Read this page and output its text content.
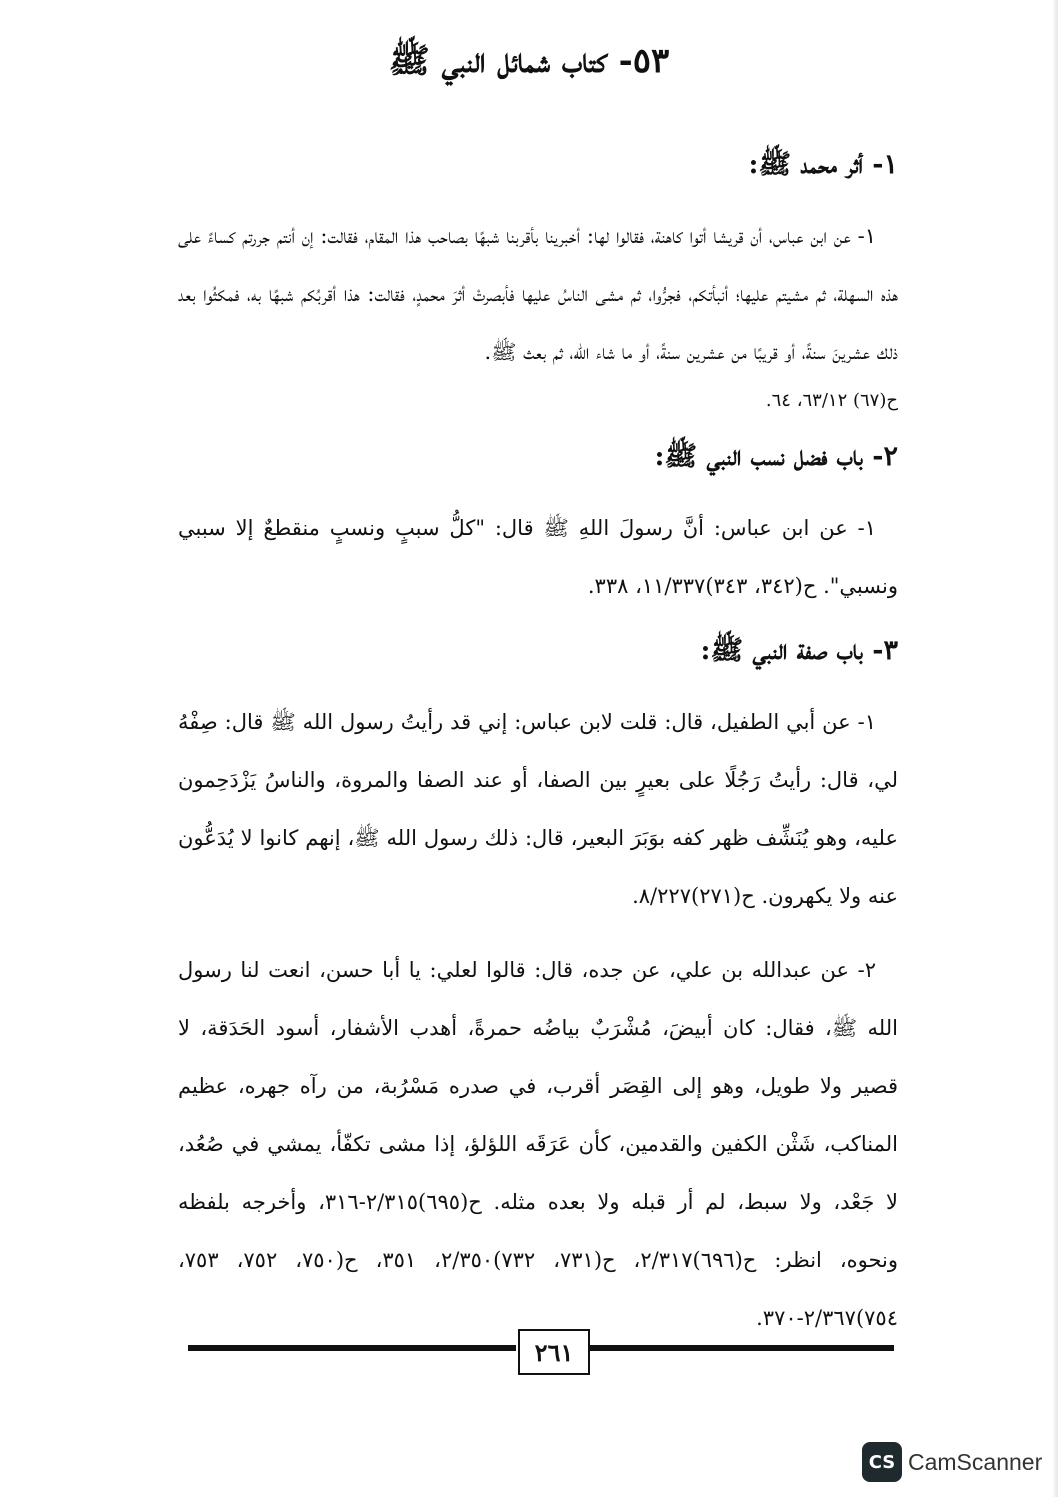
٥٣- كتاب شمائل النبي ﷺ
١- أثر محمد ﷺ:

١- عن ابن عباس، أن قريشا أتوا كاهنة، فقالوا لها: أخبرينا بأقربنا شبهًا بصاحب هذا المقام، فقالت: إن أنتم جررتم كساءً على هذه السهلة، ثم مشيتم عليها؛ أنبأتكم، فجرُّوا، ثم مشى الناسُ عليها فأبصرتْ أثرَ محمدٍ، فقالت: هذا أقربُكم شبهًا به، فمكثُوا بعد ذلك عشرينَ سنةً، أو قريبًا من عشرين سنةً، أو ما شاء الله، ثم بعث ﷺ.

ح(٦٧) ٦٣/١٢، ٦٤.

٢- باب فضل نسب النبي ﷺ:

١- عن ابن عباس: أنَّ رسولَ اللهِ ﷺ قال: "كلُّ سببٍ ونسبٍ منقطعٌ إلا سببي ونسبي". ح(٣٤٢، ٣٤٣)١١/٣٣٧، ٣٣٨.

٣- باب صفة النبي ﷺ:

١- عن أبي الطفيل، قال: قلت لابن عباس: إني قد رأيتُ رسول الله ﷺ قال: صِفْهُ لي، قال: رأيتُ رَجُلًا على بعيرٍ بين الصفا، أو عند الصفا والمروة، والناسُ يَزْدَحِمون عليه، وهو يُنَشِّف ظهر كفه بوَبَرَ البعير، قال: ذلك رسول الله ﷺ، إنهم كانوا لا يُدَعُّون عنه ولا يكهرون. ح(٢٧١)٨/٢٢٧.

٢- عن عبدالله بن علي، عن جده، قال: قالوا لعلي: يا أبا حسن، انعت لنا رسول الله ﷺ، فقال: كان أبيضَ، مُشْرَبٌ بياضُه حمرةً، أهدب الأشفار، أسود الحَدَقة، لا قصير ولا طويل، وهو إلى القِصَر أقرب، في صدره مَسْرُبة، من رآه جهره، عظيم المناكب، شَثْن الكفين والقدمين، كأن عَرَقَه اللؤلؤ، إذا مشى تكفّأ، يمشي في صُعُد، لا جَعْد، ولا سبط، لم أر قبله ولا بعده مثله. ح(٦٩٥)٢/٣١٥-٣١٦، وأخرجه بلفظه ونحوه، انظر: ح(٦٩٦)٢/٣١٧، ح(٧٣١، ٧٣٢)٢/٣٥٠، ٣٥١، ح(٧٥٠، ٧٥٢، ٧٥٣، ٧٥٤)٢/٣٦٧-٣٧٠.

٢٦١
CS CamScanner
